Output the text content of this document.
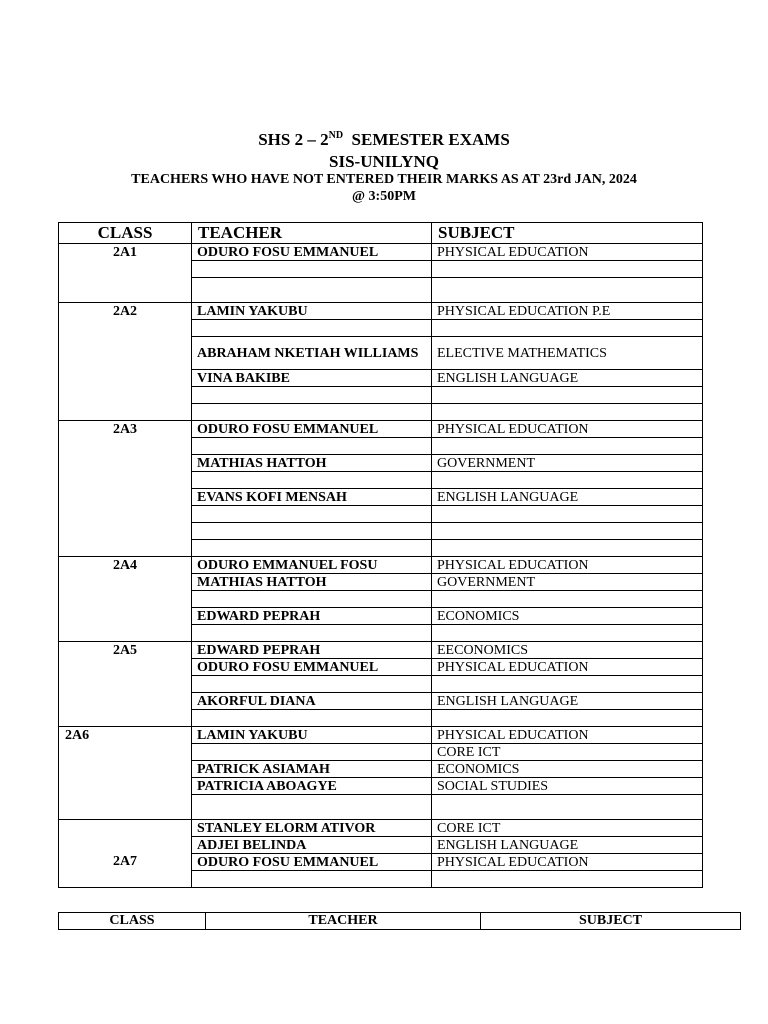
SHS 2 – 2ND  SEMESTER EXAMS
SIS-UNILYNQ
TEACHERS WHO HAVE NOT ENTERED THEIR MARKS AS AT 23rd JAN, 2024
@ 3:50PM
CLASS	TEACHER	SUBJECT
2A1	ODURO FOSU EMMANUEL	PHYSICAL EDUCATION

2A2	LAMIN YAKUBU	PHYSICAL EDUCATION P.E

	ABRAHAM NKETIAH WILLIAMS	ELECTIVE MATHEMATICS
	VINA BAKIBE	ENGLISH LANGUAGE

2A3	ODURO FOSU EMMANUEL	PHYSICAL EDUCATION

	MATHIAS HATTOH	GOVERNMENT

	EVANS KOFI MENSAH	ENGLISH LANGUAGE

2A4	ODURO EMMANUEL FOSU	PHYSICAL EDUCATION
	MATHIAS HATTOH	GOVERNMENT

	EDWARD PEPRAH	ECONOMICS

2A5	EDWARD PEPRAH	EECONOMICS
	ODURO FOSU EMMANUEL	PHYSICAL EDUCATION

	AKORFUL DIANA	ENGLISH LANGUAGE

2A6	LAMIN YAKUBU	PHYSICAL EDUCATION
		CORE ICT
	PATRICK ASIAMAH	ECONOMICS
	PATRICIA ABOAGYE	SOCIAL STUDIES

2A7	STANLEY ELORM ATIVOR	CORE ICT
	ADJEI BELINDA	ENGLISH LANGUAGE
	ODURO FOSU EMMANUEL	PHYSICAL EDUCATION

CLASS	TEACHER	SUBJECT
